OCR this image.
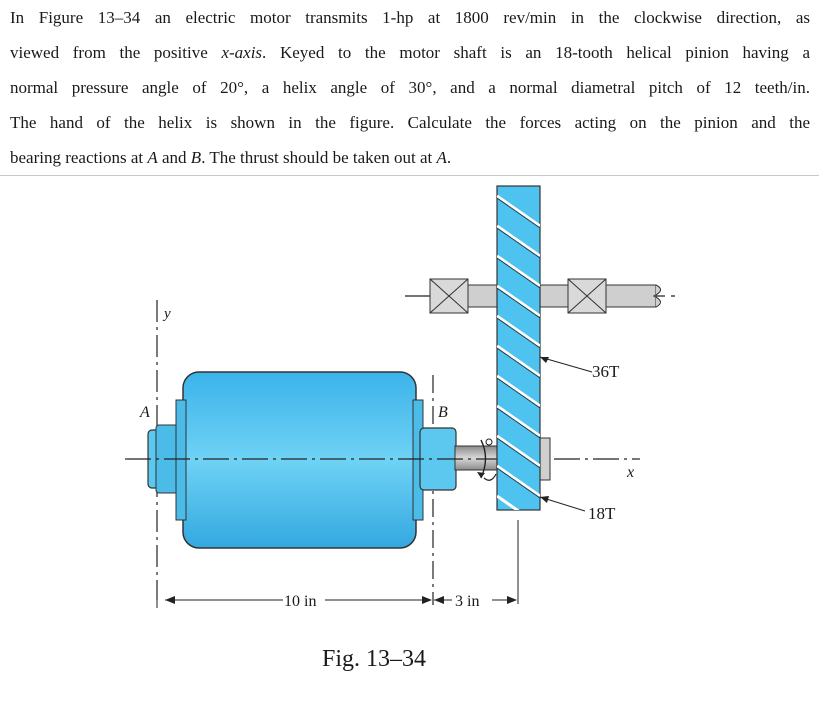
In Figure 13–34 an electric motor transmits 1-hp at 1800 rev/min in the clockwise direction, as
viewed from the positive x-axis. Keyed to the motor shaft is an 18-tooth helical pinion having a
normal pressure angle of 20°, a helix angle of 30°, and a normal diametral pitch of 12 teeth/in.
The hand of the helix is shown in the figure. Calculate the forces acting on the pinion and the
bearing reactions at A and B. The thrust should be taken out at A.
y
A	B
x
36T
18T
10 in	3 in
Fig. 13–34
